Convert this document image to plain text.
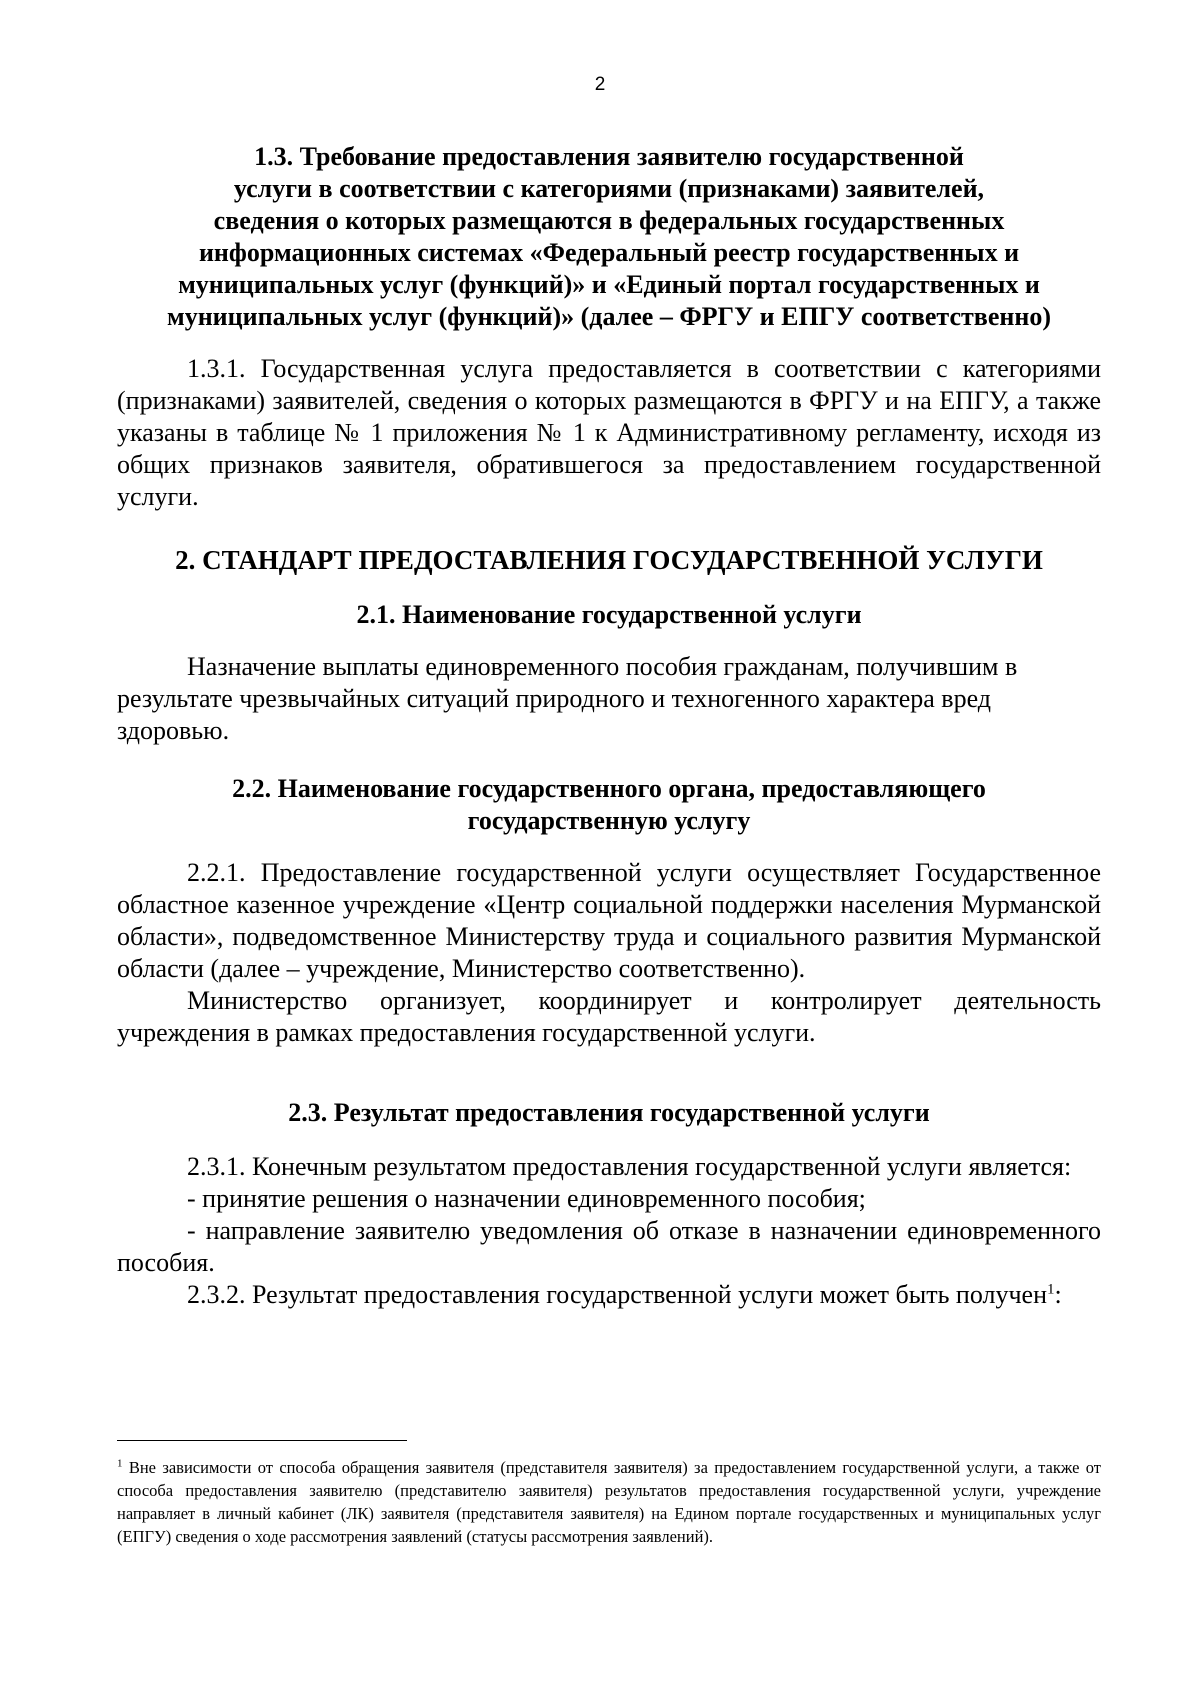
2

1.3. Требование предоставления заявителю государственной

услуги в соответствии с категориями (признаками) заявителей,

сведения о которых размещаются в федеральных государственных

информационных системах «Федеральный реестр государственных и

муниципальных услуг (функций)» и «Единый портал государственных и

муниципальных услуг (функций)» (далее – ФРГУ и ЕПГУ соответственно)

1.3.1. Государственная услуга предоставляется в соответствии с категориями (признаками) заявителей, сведения о которых размещаются в ФРГУ и на ЕПГУ, а также указаны в таблице № 1 приложения № 1 к Административному регламенту, исходя из общих признаков заявителя, обратившегося за предоставлением государственной услуги.

2. СТАНДАРТ ПРЕДОСТАВЛЕНИЯ ГОСУДАРСТВЕННОЙ УСЛУГИ

2.1. Наименование государственной услуги

Назначение выплаты единовременного пособия гражданам, получившим в результате чрезвычайных ситуаций природного и техногенного характера вред здоровью.

2.2. Наименование государственного органа, предоставляющего

государственную услугу

2.2.1. Предоставление государственной услуги осуществляет Государственное областное казенное учреждение «Центр социальной поддержки населения Мурманской области», подведомственное Министерству труда и социального развития Мурманской области (далее – учреждение, Министерство соответственно).

Министерство организует, координирует и контролирует деятельность учреждения в рамках предоставления государственной услуги.

2.3. Результат предоставления государственной услуги

2.3.1. Конечным результатом предоставления государственной услуги является:

- принятие решения о назначении единовременного пособия;

- направление заявителю уведомления об отказе в назначении единовременного пособия.

2.3.2. Результат предоставления государственной услуги может быть получен$^1$:

$^1$ Вне зависимости от способа обращения заявителя (представителя заявителя) за предоставлением государственной услуги, а также от способа предоставления заявителю (представителю заявителя) результатов предоставления государственной услуги, учреждение направляет в личный кабинет (ЛК) заявителя (представителя заявителя) на Едином портале государственных и муниципальных услуг (ЕПГУ) сведения о ходе рассмотрения заявлений (статусы рассмотрения заявлений).
